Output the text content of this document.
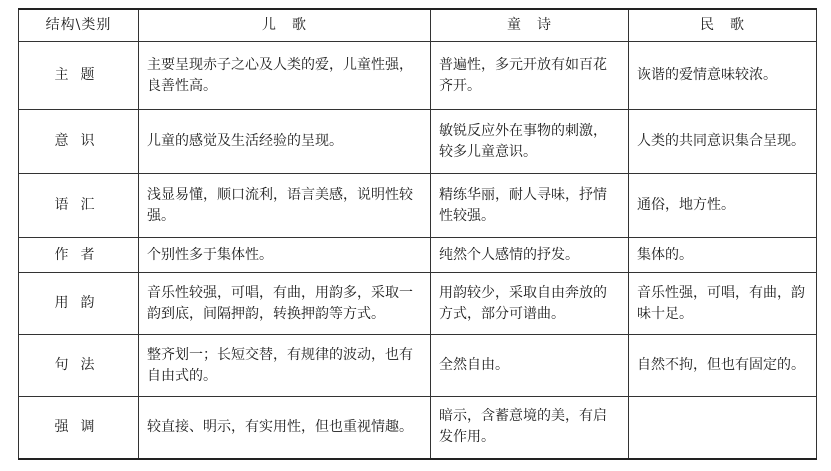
结构\类别	儿　歌	童　诗	民　歌
主题	主要呈现赤子之心及人类的爱，儿童性强，良善性高。	普遍性，多元开放有如百花齐开。	诙谐的爱情意味较浓。
意识	儿童的感觉及生活经验的呈现。	敏锐反应外在事物的刺激，较多儿童意识。	人类的共同意识集合呈现。
语汇	浅显易懂，顺口流利，语言美感，说明性较强。	精练华丽，耐人寻味，抒情性较强。	通俗，地方性。
作者	个别性多于集体性。	纯然个人感情的抒发。	集体的。
用韵	音乐性较强，可唱，有曲，用韵多，采取一韵到底，间隔押韵，转换押韵等方式。	用韵较少，采取自由奔放的方式，部分可谱曲。	音乐性强，可唱，有曲，韵味十足。
句法	整齐划一；长短交替，有规律的波动，也有自由式的。	全然自由。	自然不拘，但也有固定的。
强调	较直接、明示，有实用性，但也重视情趣。	暗示，含蓄意境的美，有启发作用。	
